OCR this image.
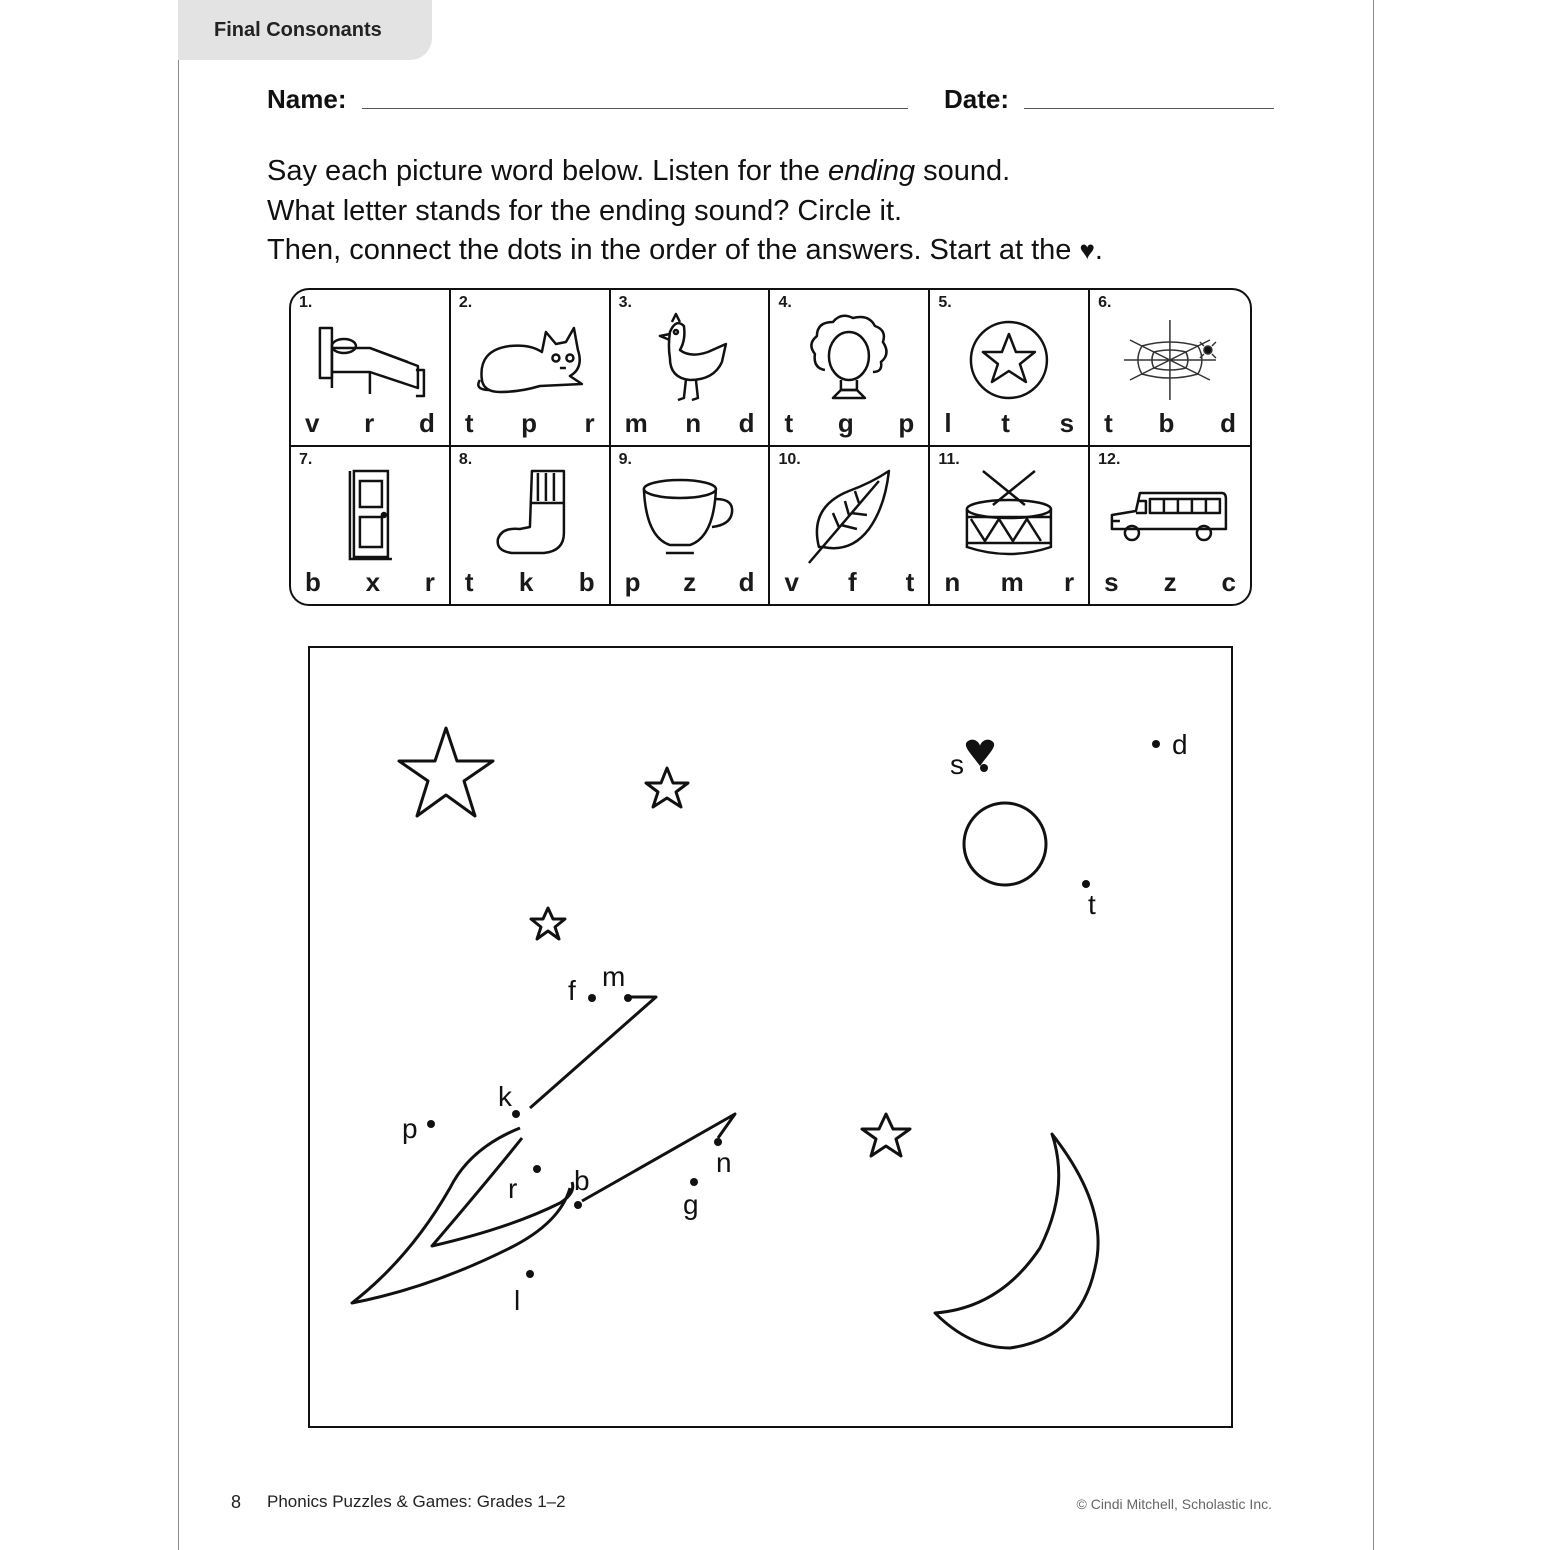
Final Consonants
Name:	Date:
Say each picture word below. Listen for the ending sound.
What letter stands for the ending sound? Circle it.
Then, connect the dots in the order of the answers. Start at the ♥.
1.
v r d
2.
t p r
3.
m n d
4.
t g p
5.
l t s
6.
t b d
7.
b x r
8.
t k b
9.
p z d
10.
v f t
11.
n m r
12.
s z c
s
d
t
f m
k
p
r b
n
g
l
8 Phonics Puzzles & Games: Grades 1–2	© Cindi Mitchell, Scholastic Inc.
